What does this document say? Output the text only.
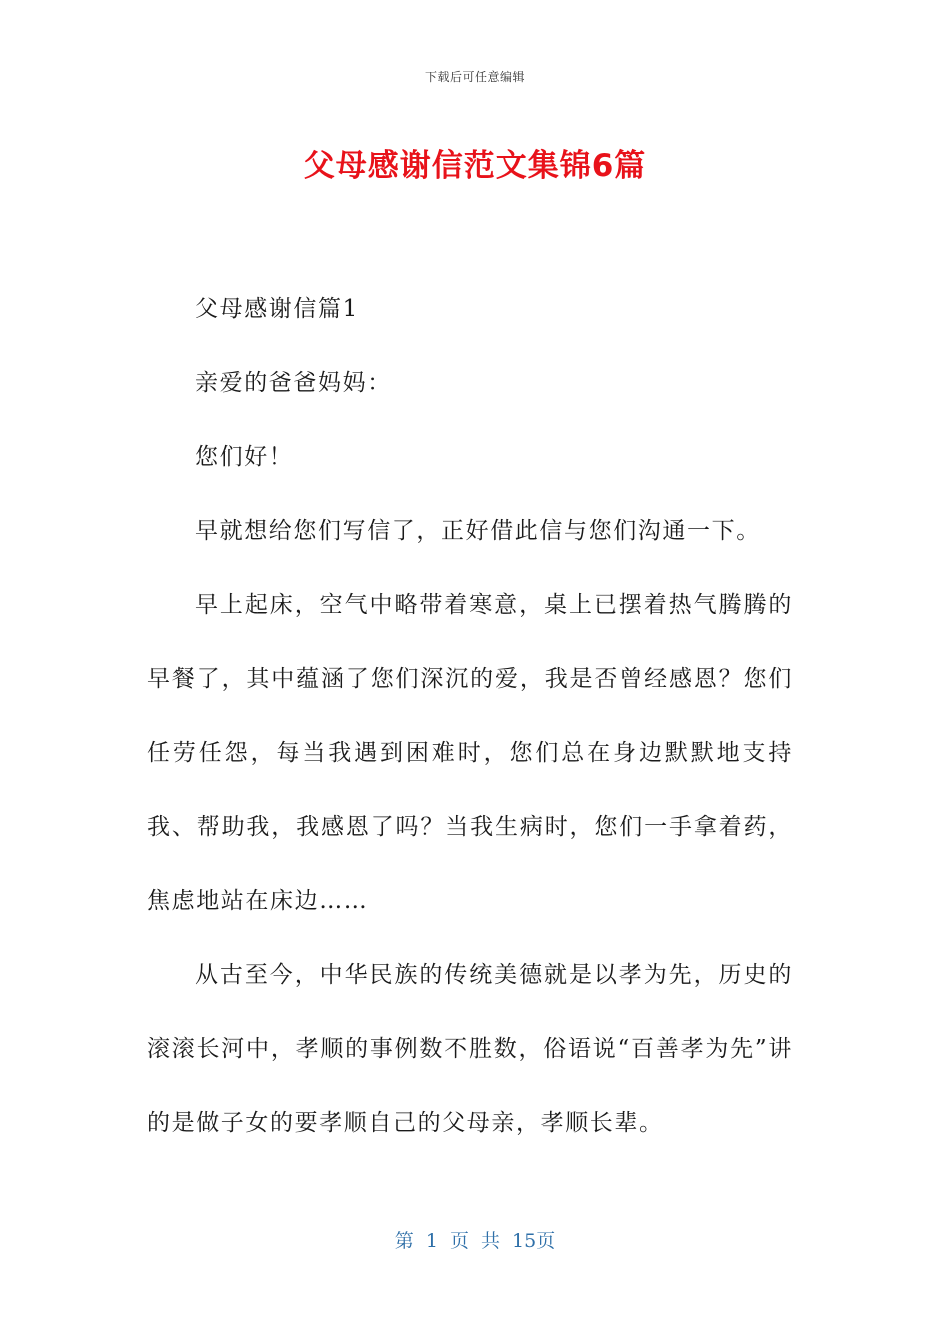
下载后可任意编辑
父母感谢信范文集锦6篇

父母感谢信篇1

亲爱的爸爸妈妈：

您们好！

早就想给您们写信了，正好借此信与您们沟通一下。

早上起床，空气中略带着寒意，桌上已摆着热气腾腾的早餐了，其中蕴涵了您们深沉的爱，我是否曾经感恩？您们任劳任怨，每当我遇到困难时，您们总在身边默默地支持我、帮助我，我感恩了吗？当我生病时，您们一手拿着药，焦虑地站在床边……

从古至今，中华民族的传统美德就是以孝为先，历史的滚滚长河中，孝顺的事例数不胜数，俗语说“百善孝为先”讲的是做子女的要孝顺自己的父母亲，孝顺长辈。

第 1 页 共 15页
